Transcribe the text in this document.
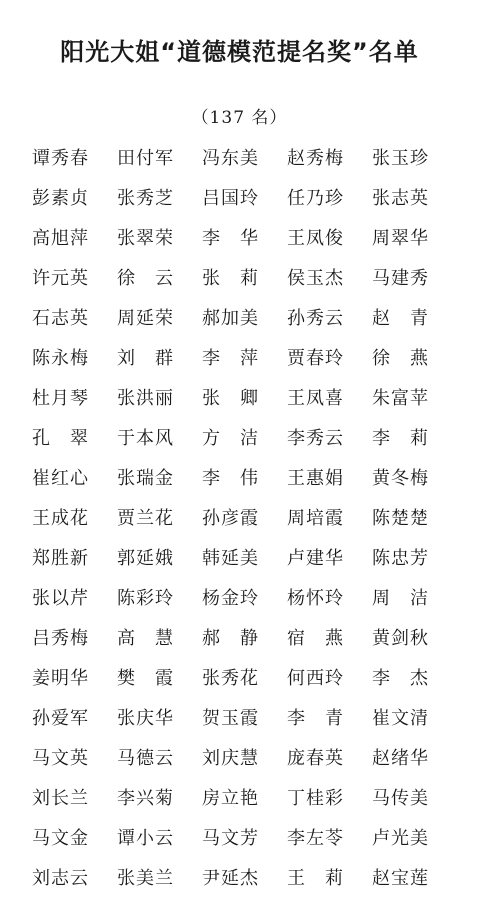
阳光大姐“道德模范提名奖”名单
（137 名）
谭秀春	田付军	冯东美	赵秀梅	张玉珍
彭素贞	张秀芝	吕国玲	任乃珍	张志英
高旭萍	张翠荣	李　华	王凤俊	周翠华
许元英	徐　云	张　莉	侯玉杰	马建秀
石志英	周延荣	郝加美	孙秀云	赵　青
陈永梅	刘　群	李　萍	贾春玲	徐　燕
杜月琴	张洪丽	张　卿	王凤喜	朱富苹
孔　翠	于本风	方　洁	李秀云	李　莉
崔红心	张瑞金	李　伟	王惠娟	黄冬梅
王成花	贾兰花	孙彦霞	周培霞	陈楚楚
郑胜新	郭延娥	韩延美	卢建华	陈忠芳
张以芹	陈彩玲	杨金玲	杨怀玲	周　洁
吕秀梅	高　慧	郝　静	宿　燕	黄剑秋
姜明华	樊　霞	张秀花	何西玲	李　杰
孙爱军	张庆华	贺玉霞	李　青	崔文清
马文英	马德云	刘庆慧	庞春英	赵绪华
刘长兰	李兴菊	房立艳	丁桂彩	马传美
马文金	谭小云	马文芳	李左苓	卢光美
刘志云	张美兰	尹延杰	王　莉	赵宝莲
